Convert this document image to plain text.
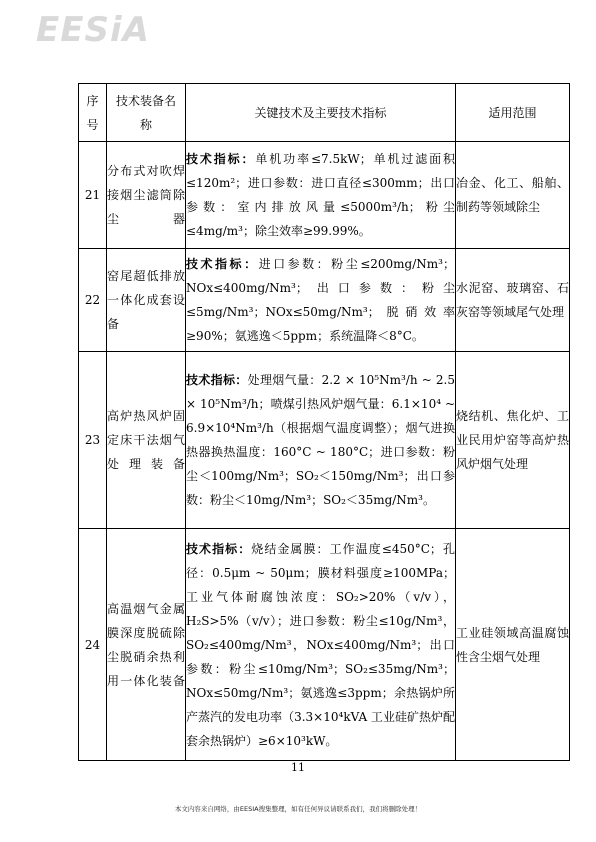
EESiA
序号	技术装备名称	关键技术及主要技术指标	适用范围
21	分布式对吹焊接烟尘滤筒除尘器	技术指标：单机功率≤7.5kW；单机过滤面积≤120m²；进口参数：进口直径≤300mm；出口参数：室内排放风量≤5000m³/h；粉尘≤4mg/m³；除尘效率≥99.99%。	冶金、化工、船舶、制药等领域除尘
22	窑尾超低排放一体化成套设备	技术指标：进口参数：粉尘≤200mg/Nm³；NOx≤400mg/Nm³；出口参数：粉尘≤5mg/Nm³；NOx≤50mg/Nm³；脱硝效率≥90%；氨逃逸＜5ppm；系统温降＜8°C。	水泥窑、玻璃窑、石灰窑等领域尾气处理
23	高炉热风炉固定床干法烟气处理装备	技术指标：处理烟气量：2.2 × 10⁵Nm³/h ~ 2.5 × 10⁵Nm³/h；喷煤引热风炉烟气量：6.1×10⁴ ~ 6.9×10⁴Nm³/h（根据烟气温度调整）；烟气进换热器换热温度：160°C ~ 180°C；进口参数：粉尘＜100mg/Nm³；SO₂＜150mg/Nm³；出口参数：粉尘＜10mg/Nm³；SO₂＜35mg/Nm³。	烧结机、焦化炉、工业民用炉窑等高炉热风炉烟气处理
24	高温烟气金属膜深度脱硫除尘脱硝余热利用一体化装备	技术指标：烧结金属膜：工作温度≤450°C；孔径：0.5μm ~ 50μm；膜材料强度≥100MPa；工业气体耐腐蚀浓度：SO₂>20%（v/v），H₂S>5%（v/v）；进口参数：粉尘≤10g/Nm³，SO₂≤400mg/Nm³，NOx≤400mg/Nm³；出口参数：粉尘≤10mg/Nm³；SO₂≤35mg/Nm³；NOx≤50mg/Nm³；氨逃逸≤3ppm；余热锅炉所产蒸汽的发电功率（3.3×10⁴kVA 工业硅矿热炉配套余热锅炉）≥6×10³kW。	工业硅领域高温腐蚀性含尘烟气处理
11
本文内容来自网络，由EESIA搜集整理，如有任何异议请联系我们，我们将删除处理！
